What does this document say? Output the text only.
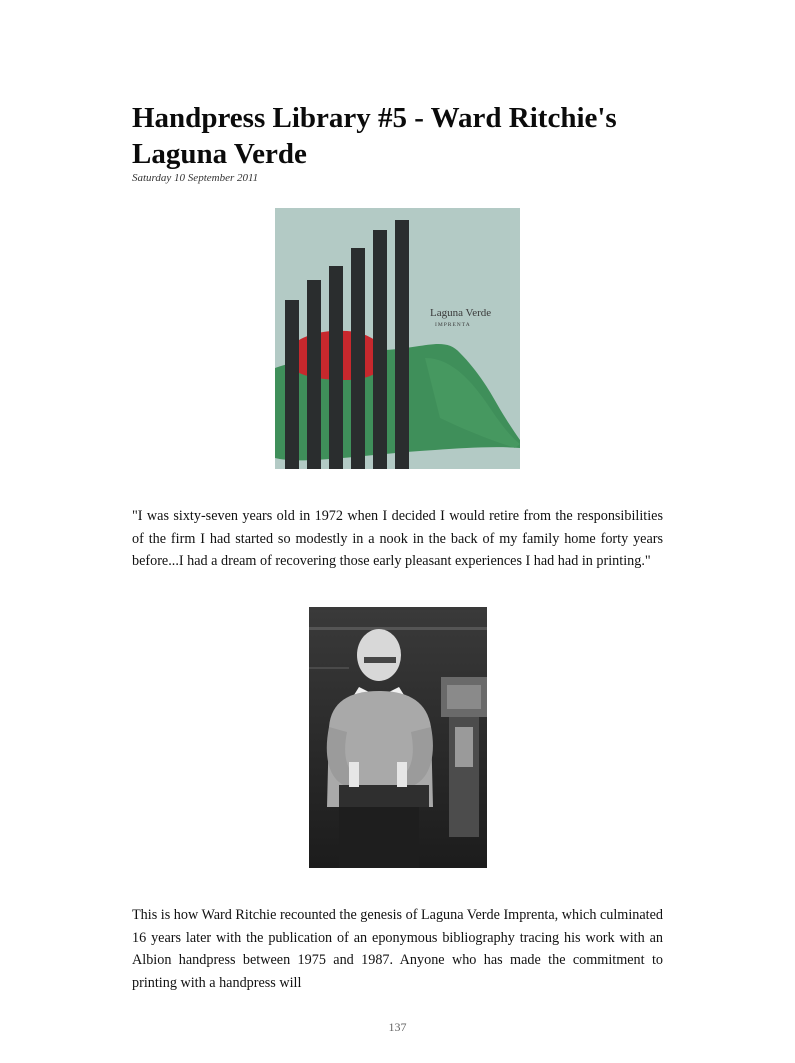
Handpress Library #5 - Ward Ritchie's Laguna Verde
Saturday 10 September 2011
Laguna Verde
IMPRENTA

"I was sixty-seven years old in 1972 when I decided I would retire from the responsibilities of the firm I had started so modestly in a nook in the back of my family home forty years before...I had a dream of recovering those early pleasant experiences I had had in printing."

This is how Ward Ritchie recounted the genesis of Laguna Verde Imprenta, which culminated 16 years later with the publication of an eponymous bibliography tracing his work with an Albion handpress between 1975 and 1987. Anyone who has made the commitment to printing with a handpress will

137
